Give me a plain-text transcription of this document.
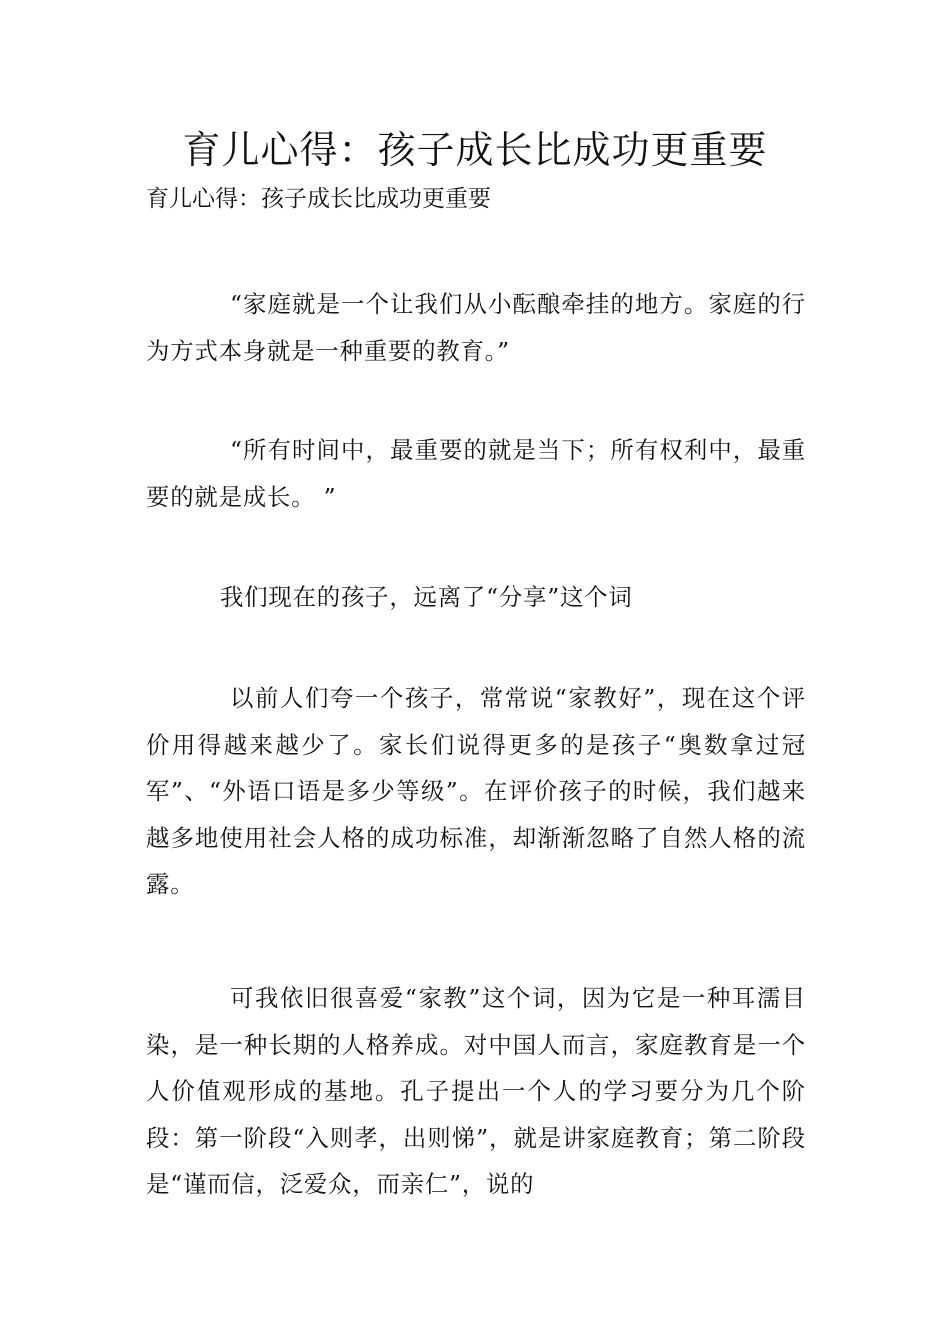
育儿心得：孩子成长比成功更重要

育儿心得：孩子成长比成功更重要

“家庭就是一个让我们从小酝酿牵挂的地方。家庭的行为方式本身就是一种重要的教育。”

“所有时间中，最重要的就是当下；所有权利中，最重要的就是成长。 ”

我们现在的孩子，远离了“分享”这个词

以前人们夸一个孩子，常常说“家教好”，现在这个评价用得越来越少了。家长们说得更多的是孩子“奥数拿过冠军”、“外语口语是多少等级”。在评价孩子的时候，我们越来越多地使用社会人格的成功标准，却渐渐忽略了自然人格的流露。

可我依旧很喜爱“家教”这个词，因为它是一种耳濡目染，是一种长期的人格养成。对中国人而言，家庭教育是一个人价值观形成的基地。孔子提出一个人的学习要分为几个阶段：第一阶段“入则孝，出则悌”，就是讲家庭教育；第二阶段是“谨而信，泛爱众，而亲仁”，说的
